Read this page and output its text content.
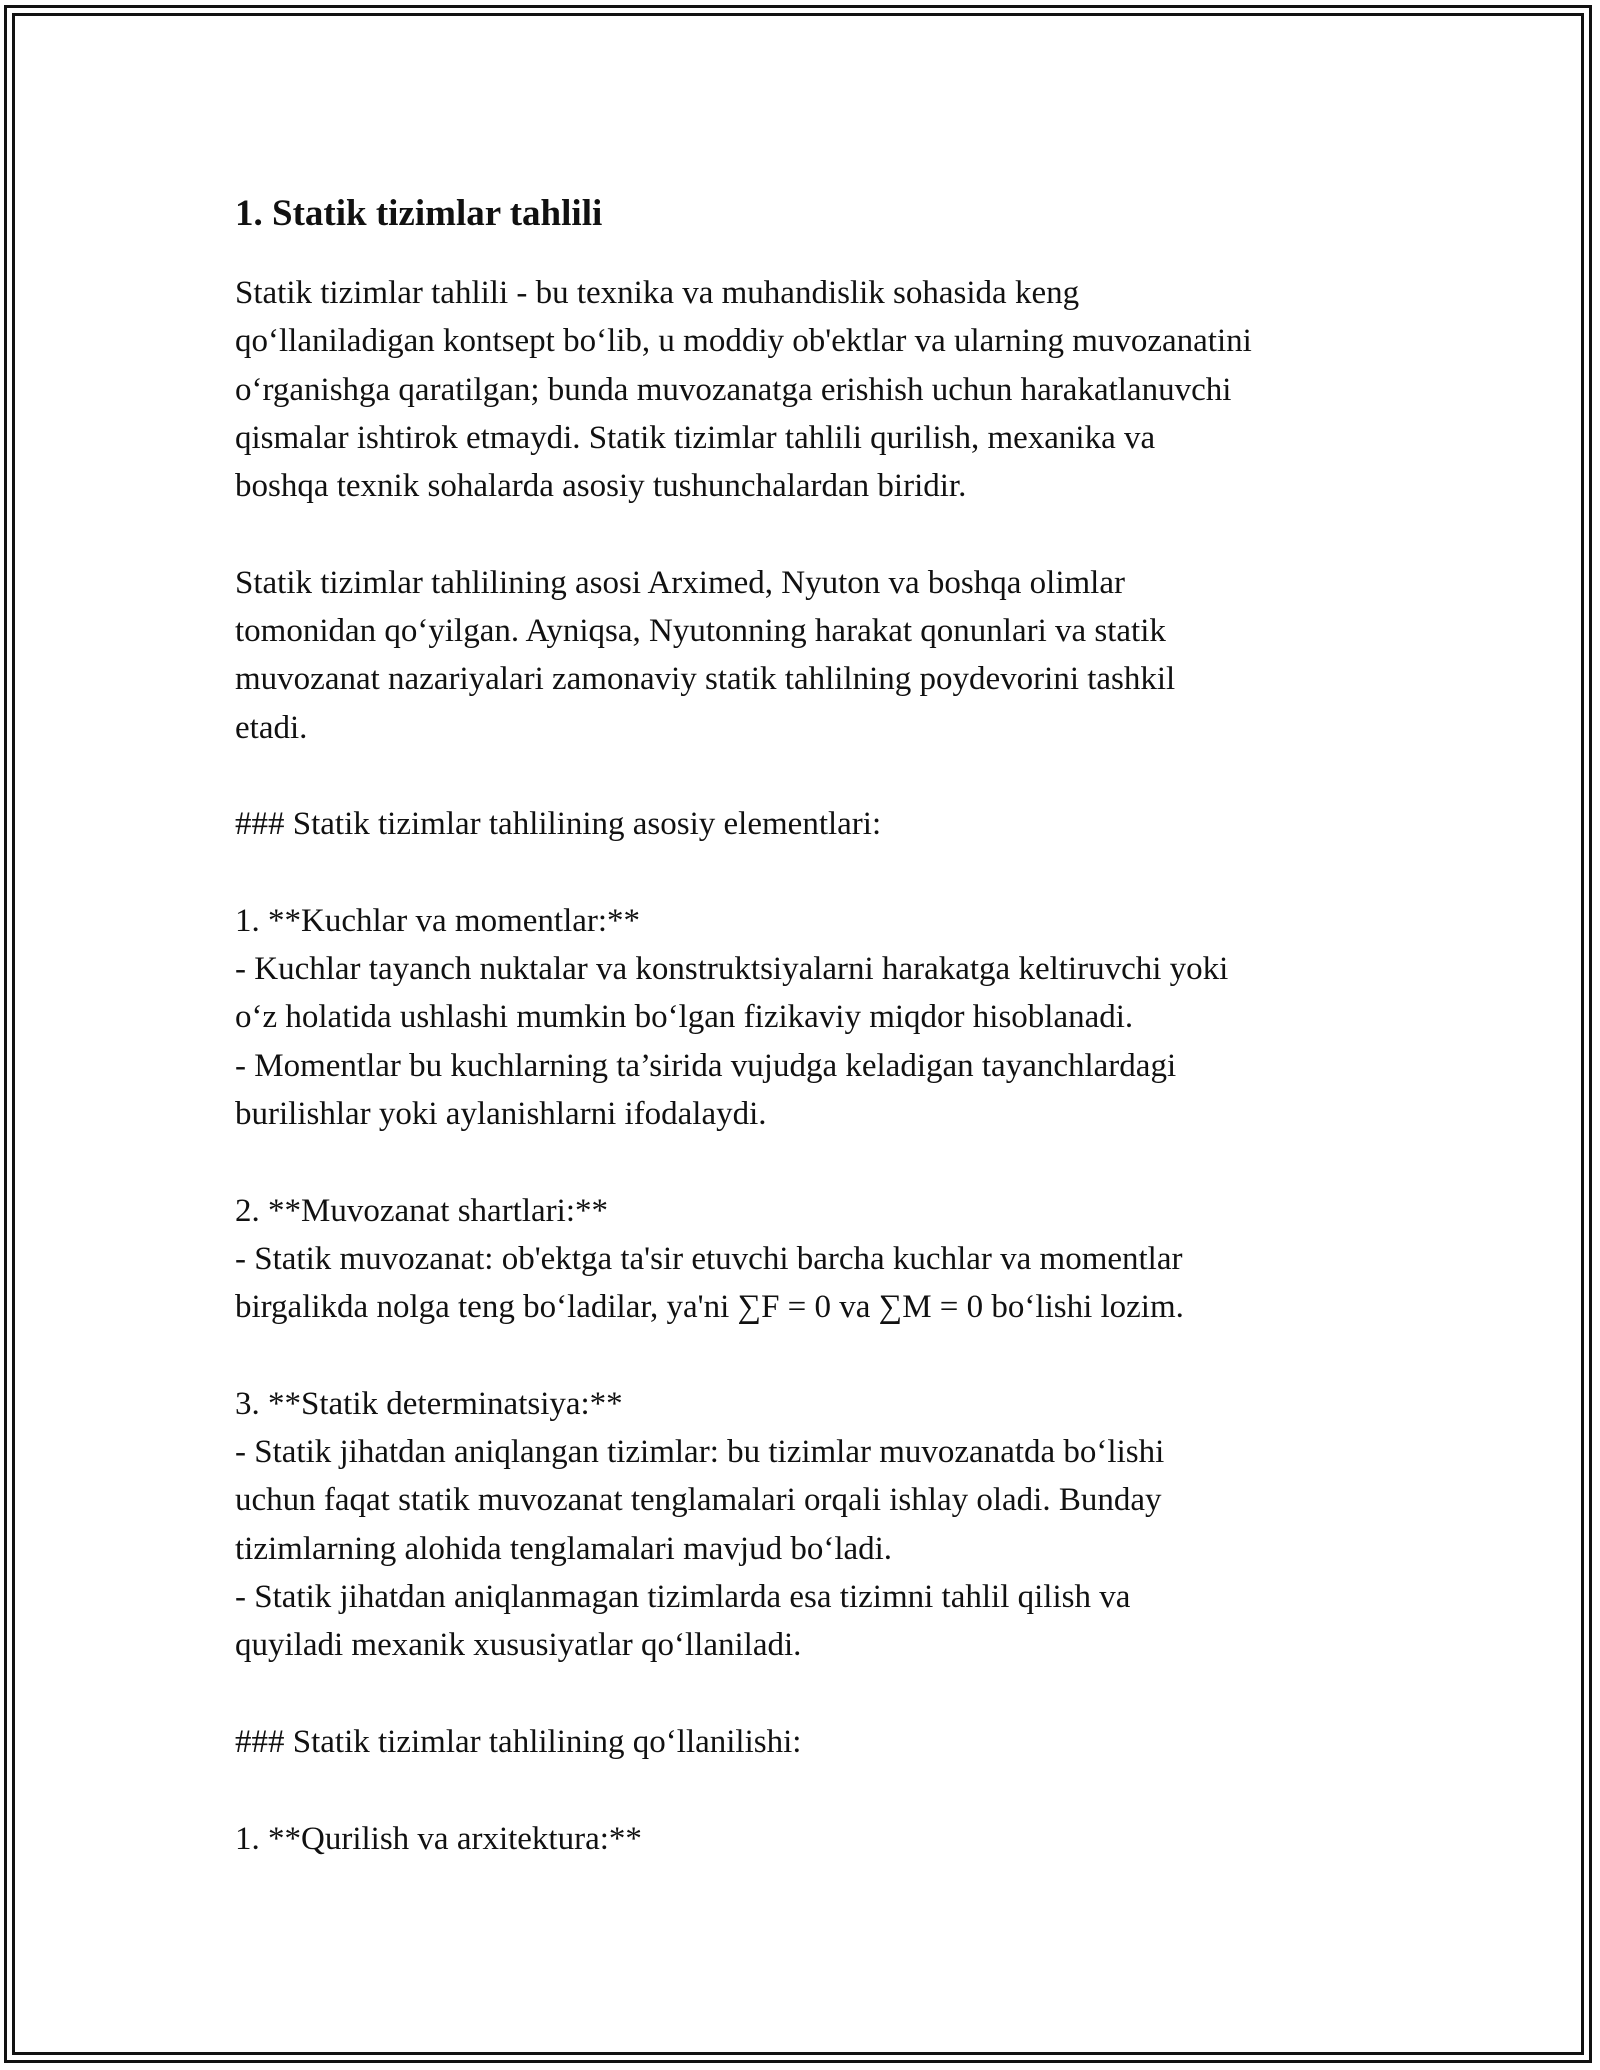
1. Statik tizimlar tahlili

Statik tizimlar tahlili - bu texnika va muhandislik sohasida keng
qo‘llaniladigan kontsept bo‘lib, u moddiy ob'ektlar va ularning muvozanatini
o‘rganishga qaratilgan; bunda muvozanatga erishish uchun harakatlanuvchi
qismalar ishtirok etmaydi. Statik tizimlar tahlili qurilish, mexanika va
boshqa texnik sohalarda asosiy tushunchalardan biridir.

Statik tizimlar tahlilining asosi Arximed, Nyuton va boshqa olimlar
tomonidan qo‘yilgan. Ayniqsa, Nyutonning harakat qonunlari va statik
muvozanat nazariyalari zamonaviy statik tahlilning poydevorini tashkil
etadi.

### Statik tizimlar tahlilining asosiy elementlari:

1. **Kuchlar va momentlar:**
- Kuchlar tayanch nuktalar va konstruktsiyalarni harakatga keltiruvchi yoki
o‘z holatida ushlashi mumkin bo‘lgan fizikaviy miqdor hisoblanadi.
- Momentlar bu kuchlarning ta’sirida vujudga keladigan tayanchlardagi
burilishlar yoki aylanishlarni ifodalaydi.

2. **Muvozanat shartlari:**
- Statik muvozanat: ob'ektga ta'sir etuvchi barcha kuchlar va momentlar
birgalikda nolga teng bo‘ladilar, ya'ni ∑F = 0 va ∑M = 0 bo‘lishi lozim.

3. **Statik determinatsiya:**
- Statik jihatdan aniqlangan tizimlar: bu tizimlar muvozanatda bo‘lishi
uchun faqat statik muvozanat tenglamalari orqali ishlay oladi. Bunday
tizimlarning alohida tenglamalari mavjud bo‘ladi.
- Statik jihatdan aniqlanmagan tizimlarda esa tizimni tahlil qilish va
quyiladi mexanik xususiyatlar qo‘llaniladi.

### Statik tizimlar tahlilining qo‘llanilishi:

1. **Qurilish va arxitektura:**
